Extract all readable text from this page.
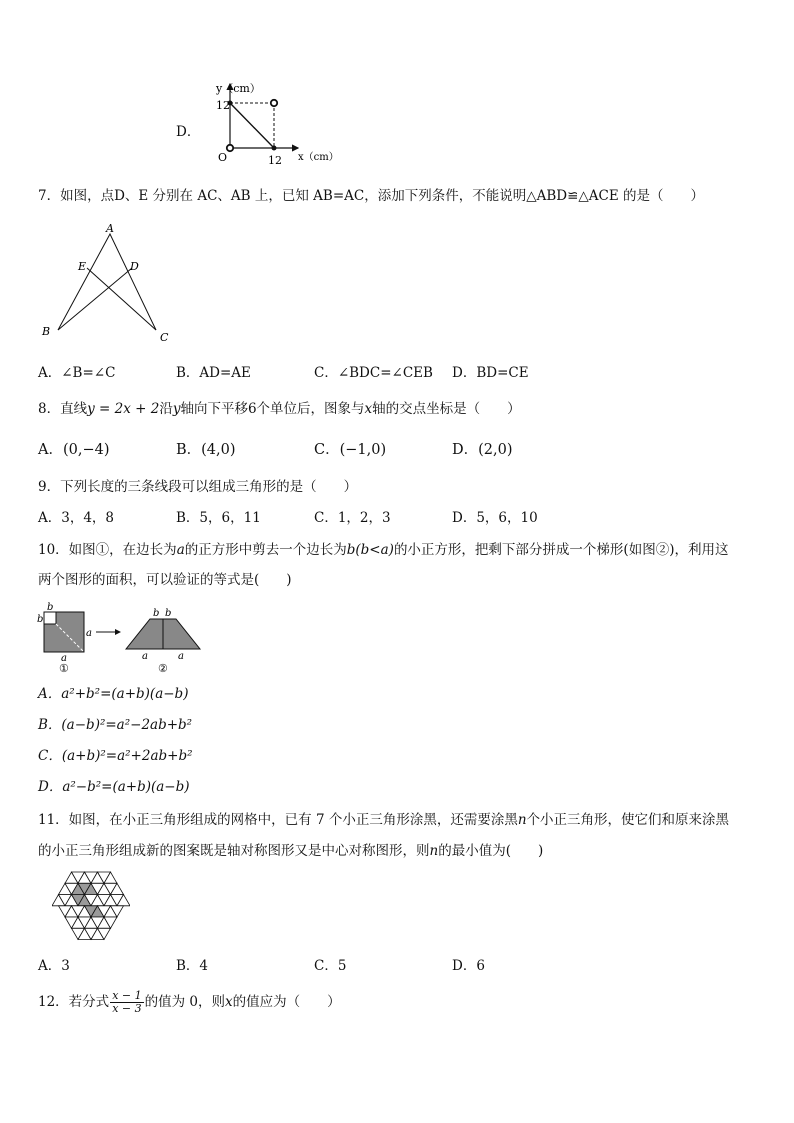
D．
y（cm）
12
O	12 x（cm）
7．如图，点D、E 分别在 AC、AB 上，已知 AB=AC，添加下列条件，不能说明△ABD≌△ACE 的是（　　）
A
E	D
B	C
A．∠B=∠C	B．AD=AE	C．∠BDC=∠CEB D．BD=CE
8．直线y = 2x + 2沿y轴向下平移6个单位后，图象与x轴的交点坐标是（　　）
A．(0,−4)	B．(4,0)	C．(−1,0)	D．(2,0)
9．下列长度的三条线段可以组成三角形的是（　　）
A．3，4，8	B．5，6，11	C．1，2，3	D．5，6，10
10．如图①，在边长为a的正方形中剪去一个边长为b(b<a)的小正方形，把剩下部分拼成一个梯形(如图②)，利用这
两个图形的面积，可以验证的等式是(　　)
b
b
a
a
①
b b
a	a
②
A．a²+b²=(a+b)(a−b)
B．(a−b)²=a²−2ab+b²
C．(a+b)²=a²+2ab+b²
D．a²−b²=(a+b)(a−b)
11．如图，在小正三角形组成的网格中，已有 7 个小正三角形涂黑，还需要涂黑n个小正三角形，使它们和原来涂黑
的小正三角形组成新的图案既是轴对称图形又是中心对称图形，则n的最小值为(　　)
A．3	B．4	C．5	D．6
12．若分式 $\frac{x - 1}{x - 3}$ 的值为 0，则x的值应为（　　）
